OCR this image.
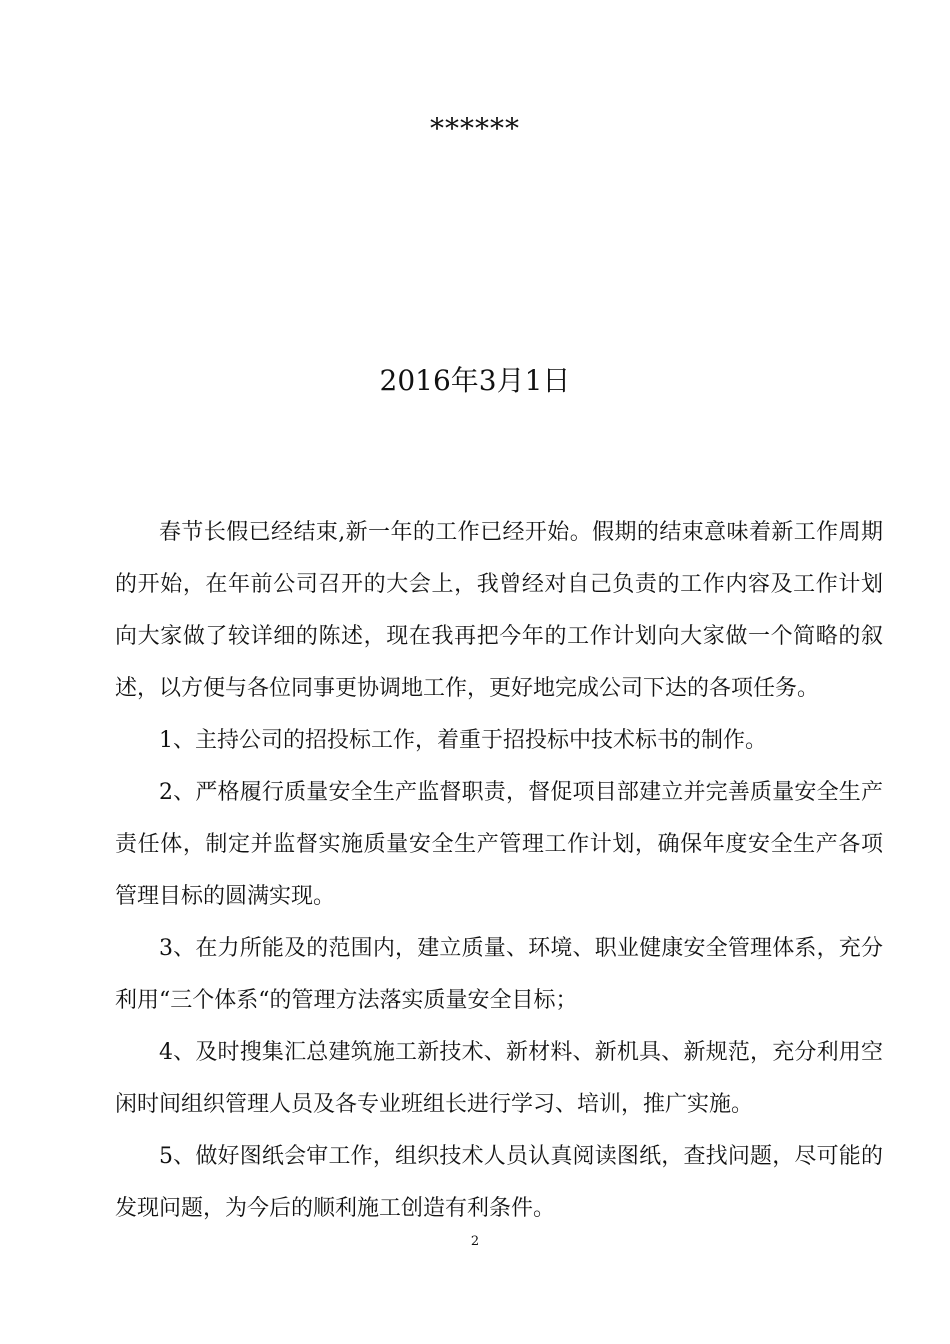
******
2016年3月1日

春节长假已经结束,新一年的工作已经开始。假期的结束意味着新工作周期的开始，在年前公司召开的大会上，我曾经对自己负责的工作内容及工作计划向大家做了较详细的陈述，现在我再把今年的工作计划向大家做一个简略的叙述，以方便与各位同事更协调地工作，更好地完成公司下达的各项任务。

1、主持公司的招投标工作，着重于招投标中技术标书的制作。

2、严格履行质量安全生产监督职责，督促项目部建立并完善质量安全生产责任体，制定并监督实施质量安全生产管理工作计划，确保年度安全生产各项管理目标的圆满实现。

3、在力所能及的范围内，建立质量、环境、职业健康安全管理体系，充分利用“三个体系“的管理方法落实质量安全目标；

4、及时搜集汇总建筑施工新技术、新材料、新机具、新规范，充分利用空闲时间组织管理人员及各专业班组长进行学习、培训，推广实施。

5、做好图纸会审工作，组织技术人员认真阅读图纸，查找问题，尽可能的发现问题，为今后的顺利施工创造有利条件。

2
